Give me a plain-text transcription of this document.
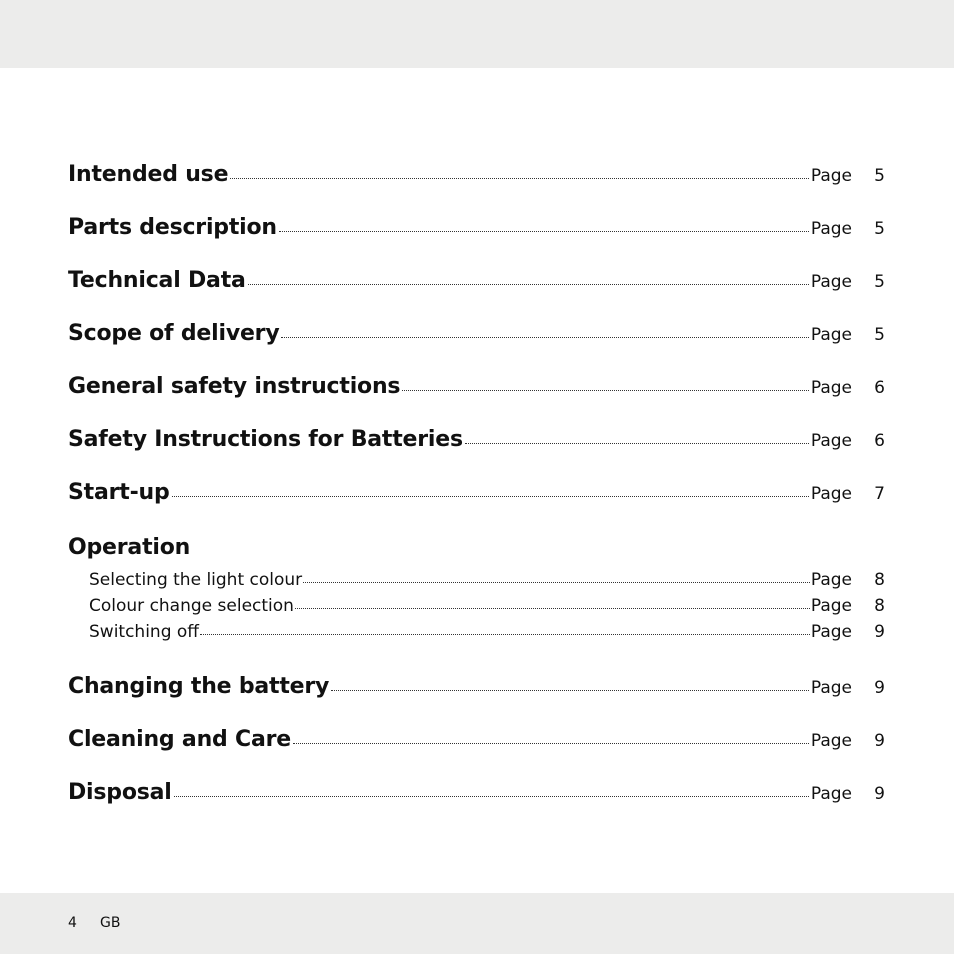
Intended use	Page	5
Parts description	Page	5
Technical Data	Page	5
Scope of delivery	Page	5
General safety instructions	Page	6
Safety Instructions for Batteries	Page	6
Start-up	Page	7
Operation
Selecting the light colour	Page	8
Colour change selection	Page	8
Switching off	Page	9
Changing the battery	Page	9
Cleaning and Care	Page	9
Disposal	Page	9
4 GB
